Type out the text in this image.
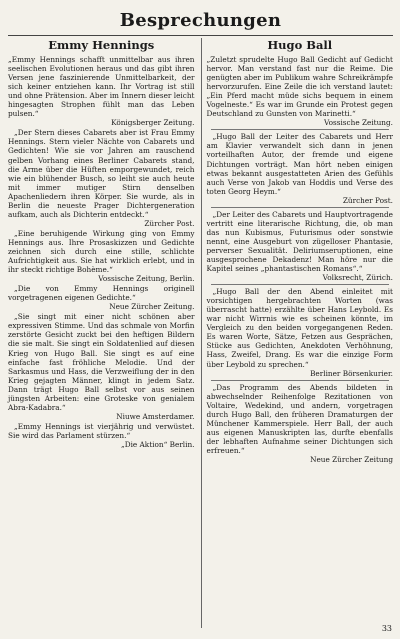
Besprechungen
Emmy Hennings

„Emmy Hennings schafft unmittelbar aus ihren seelischen Evolutionen heraus und das gibt ihren Versen jene faszinierende Unmittelbarkeit, der sich keiner entziehen kann. Ihr Vortrag ist still und ohne Prätension. Aber im Innern dieser leicht hingesagten Strophen fühlt man das Leben pulsen.“

Königsberger Zeitung.

„Der Stern dieses Cabarets aber ist Frau Emmy Hennings. Stern vieler Nächte von Cabarets und Gedichten! Wie sie vor Jahren am rauschend gelben Vorhang eines Berliner Cabarets stand, die Arme über die Hüften emporgewundet, reich wie ein blühender Busch, so leiht sie auch heute mit immer mutiger Stirn denselben Apachenliedern ihren Körper. Sie wurde, als in Berlin die neueste Prager Dichtergeneration aufkam, auch als Dichterin entdeckt.“

Zürcher Post.

„Eine beruhigende Wirkung ging von Emmy Hennings aus. Ihre Prosaskizzen und Gedichte zeichnen sich durch eine stille, schlichte Aufrichtigkeit aus. Sie hat wirklich erlebt, und in ihr steckt richtige Bohème.“

Vossische Zeitung, Berlin.

„Die von Emmy Hennings originell vorgetragenen eigenen Gedichte.“

Neue Zürcher Zeitung.

„Sie singt mit einer nicht schönen aber expressiven Stimme. Und das schmale von Morfin zerstörte Gesicht zuckt bei den heftigen Bildern die sie malt. Sie singt ein Soldatenlied auf diesen Krieg von Hugo Ball. Sie singt es auf eine einfache fast fröhliche Melodie. Und der Sarkasmus und Hass, die Verzweiflung der in den Krieg gejagten Männer, klingt in jedem Satz. Dann trägt Hugo Ball selbst vor aus seinen jüngsten Arbeiten: eine Groteske von genialem Abra-Kadabra.“

Niuwe Amsterdamer.

„Emmy Hennings ist vierjährig und verwüstet. Sie wird das Parlament stürzen.“

„Die Aktion“ Berlin.

Hugo Ball

„Zuletzt sprudelte Hugo Ball Gedicht auf Gedicht hervor. Man verstand fast nur die Reime. Die genügten aber im Publikum wahre Schreikrämpfe hervorzurufen. Eine Zeile die ich verstand lautet: „Ein Pferd macht müde sichs bequem in einem Vogelneste.“ Es war im Grunde ein Protest gegen Deutschland zu Gunsten von Marinetti.“

Vossische Zeitung.

„Hugo Ball der Leiter des Cabarets und Herr am Klavier verwandelt sich dann in jenen vorteilhaften Autor, der fremde und eigene Dichtungen vorträgt. Man hört neben einigen etwas bekannt ausgestatteten Arien des Gefühls auch Verse von Jakob van Hoddis und Verse des toten Georg Heym.“

Zürcher Post.

„Der Leiter des Cabarets und Hauptvortragende vertritt eine literarische Richtung, die, ob man das nun Kubismus, Futurismus oder sonstwie nennt, eine Ausgeburt von zügelloser Phantasie, perverser Sexualität. Deliriumseruptionen, eine ausgesprochene Dekadenz! Man höre nur die Kapitel seines „phantastischen Romans“.“

Volksrecht, Zürich.

„Hugo Ball der den Abend einleitet mit vorsichtigen hergebrachten Worten (was überrascht hatte) erzählte über Hans Leybold. Es war nicht Wirrnis wie es scheinen könnte, im Vergleich zu den beiden vorgegangenen Reden. Es waren Worte, Sätze, Fetzen aus Gesprächen, Stücke aus Gedichten, Anekdoten Verhöhnung, Hass, Zweifel, Drang. Es war die einzige Form über Leybold zu sprechen.“

Berliner Börsenkurier.

„Das Programm des Abends bildeten in abwechselnder Reihenfolge Rezitationen von Voltaire, Wedekind, und andern, vorgetragen durch Hugo Ball, den früheren Dramaturgen der Münchener Kammerspiele. Herr Ball, der auch aus eigenen Manuskripten las, durfte ebenfalls der lebhaften Aufnahme seiner Dichtungen sich erfreuen.“

Neue Zürcher Zeitung

33
